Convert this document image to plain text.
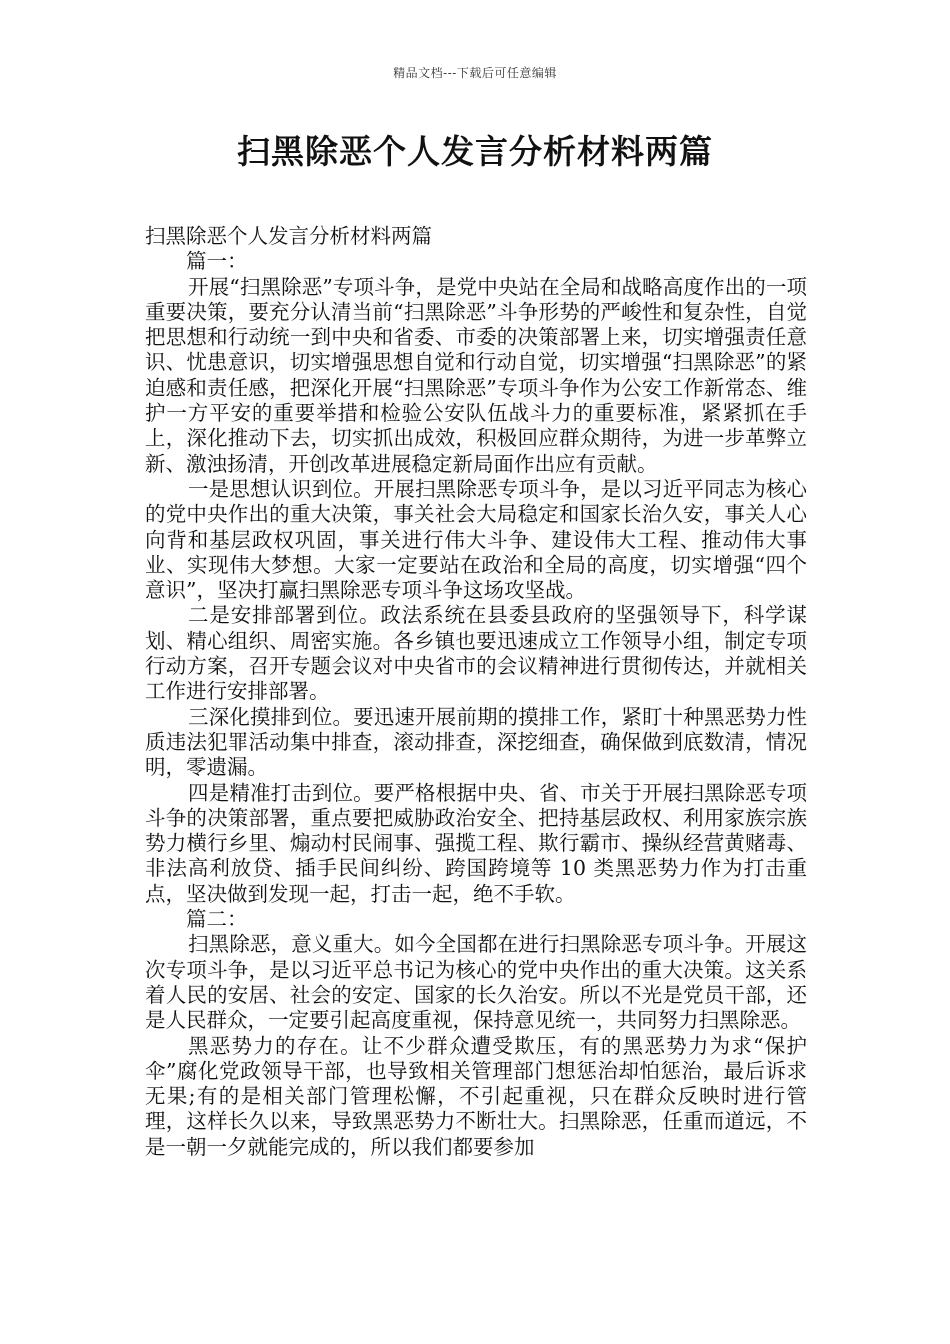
精品文档---下载后可任意编辑
扫黑除恶个人发言分析材料两篇

扫黑除恶个人发言分析材料两篇

篇一：

开展“扫黑除恶”专项斗争，是党中央站在全局和战略高度作出的一项重要决策，要充分认清当前“扫黑除恶”斗争形势的严峻性和复杂性，自觉把思想和行动统一到中央和省委、市委的决策部署上来，切实增强责任意识、忧患意识，切实增强思想自觉和行动自觉，切实增强“扫黑除恶”的紧迫感和责任感，把深化开展“扫黑除恶”专项斗争作为公安工作新常态、维护一方平安的重要举措和检验公安队伍战斗力的重要标准，紧紧抓在手上，深化推动下去，切实抓出成效，积极回应群众期待，为进一步革弊立新、激浊扬清，开创改革进展稳定新局面作出应有贡献。

一是思想认识到位。开展扫黑除恶专项斗争，是以习近平同志为核心的党中央作出的重大决策，事关社会大局稳定和国家长治久安，事关人心向背和基层政权巩固，事关进行伟大斗争、建设伟大工程、推动伟大事业、实现伟大梦想。大家一定要站在政治和全局的高度，切实增强“四个意识”，坚决打赢扫黑除恶专项斗争这场攻坚战。

二是安排部署到位。政法系统在县委县政府的坚强领导下，科学谋划、精心组织、周密实施。各乡镇也要迅速成立工作领导小组，制定专项行动方案，召开专题会议对中央省市的会议精神进行贯彻传达，并就相关工作进行安排部署。

三深化摸排到位。要迅速开展前期的摸排工作，紧盯十种黑恶势力性质违法犯罪活动集中排查，滚动排查，深挖细查，确保做到底数清，情况明，零遗漏。

四是精准打击到位。要严格根据中央、省、市关于开展扫黑除恶专项斗争的决策部署，重点要把威胁政治安全、把持基层政权、利用家族宗族势力横行乡里、煽动村民闹事、强揽工程、欺行霸市、操纵经营黄赌毒、非法高利放贷、插手民间纠纷、跨国跨境等 10 类黑恶势力作为打击重点，坚决做到发现一起，打击一起，绝不手软。

篇二：

扫黑除恶，意义重大。如今全国都在进行扫黑除恶专项斗争。开展这次专项斗争，是以习近平总书记为核心的党中央作出的重大决策。这关系着人民的安居、社会的安定、国家的长久治安。所以不光是党员干部，还是人民群众，一定要引起高度重视，保持意见统一，共同努力扫黑除恶。

黑恶势力的存在。让不少群众遭受欺压，有的黑恶势力为求“保护伞”腐化党政领导干部，也导致相关管理部门想惩治却怕惩治，最后诉求无果;有的是相关部门管理松懈，不引起重视，只在群众反映时进行管理，这样长久以来，导致黑恶势力不断壮大。扫黑除恶，任重而道远，不是一朝一夕就能完成的，所以我们都要参加
